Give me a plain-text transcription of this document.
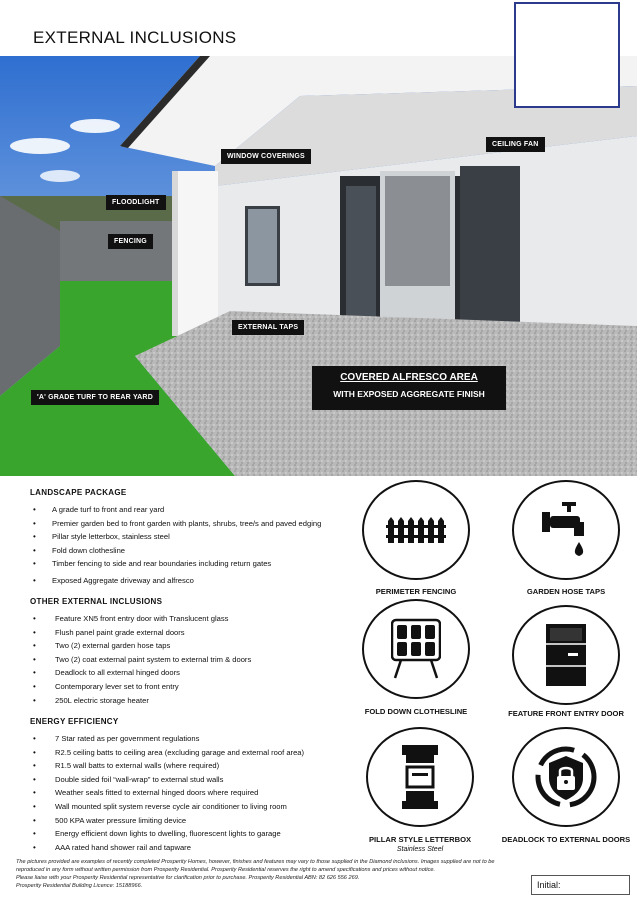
EXTERNAL INCLUSIONS
WINDOW COVERINGS
CEILING FAN
FLOODLIGHT
FENCING
EXTERNAL TAPS
'A' GRADE TURF TO REAR YARD
COVERED ALFRESCO AREA
WITH EXPOSED AGGREGATE FINISH
LANDSCAPE PACKAGE
• A grade turf to front and rear yard
• Premier garden bed to front garden with plants, shrubs, tree/s and paved edging
• Pillar style letterbox, stainless steel
• Fold down clothesline
• Timber fencing to side and rear boundaries including return gates
• Exposed Aggregate driveway and alfresco
OTHER EXTERNAL INCLUSIONS
• Feature XN5 front entry door with Translucent glass
• Flush panel paint grade external doors
• Two (2) external garden hose taps
• Two (2) coat external paint system to external trim & doors
• Deadlock to all external hinged doors
• Contemporary lever set to front entry
• 250L electric storage heater
ENERGY EFFICIENCY
• 7 Star rated as per government regulations
• R2.5 ceiling batts to ceiling area (excluding garage and external roof area)
• R1.5 wall batts to external walls (where required)
• Double sided foil “wall-wrap” to external stud walls
• Weather seals fitted to external hinged doors where required
• Wall mounted split system reverse cycle air conditioner to living room
• 500 KPA water pressure limiting device
• Energy efficient down lights to dwelling, fluorescent lights to garage
• AAA rated hand shower rail and tapware
PERIMETER FENCING	GARDEN HOSE TAPS
FOLD DOWN CLOTHESLINE	FEATURE FRONT ENTRY DOOR
PILLAR STYLE LETTERBOX
Stainless Steel
DEADLOCK TO EXTERNAL DOORS
The pictures provided are examples of recently completed Prosperity Homes, however, finishes and features may vary to those supplied in the Diamond inclusions. Images supplied are not to be
reproduced in any form without written permission from Prosperity Residential. Prosperity Residential reserves the right to amend specifications and prices without notice.
Please liaise with your Prosperity Residential representative for clarification prior to purchase. Prosperity Residential ABN: 82 626 556 269.
Prosperity Residential Building Licence: 15188966.	Initial:
